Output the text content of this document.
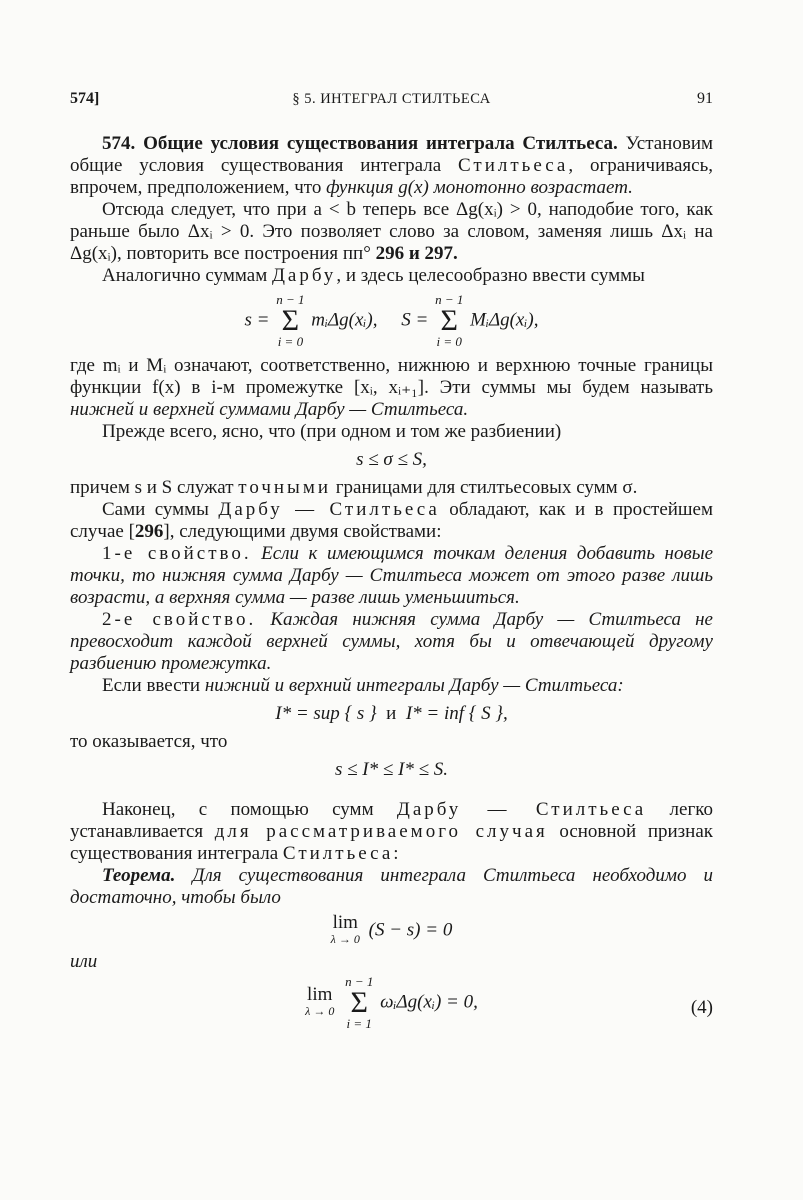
574]	§ 5. ИНТЕГРАЛ СТИЛТЬЕСА	91

574. Общие условия существования интеграла Стилтьеса. Установим общие условия существования интеграла Стилтьеса, ограничиваясь, впрочем, предположением, что функция g(x) монотонно возрастает.

Отсюда следует, что при a < b теперь все Δg(xᵢ) > 0, наподобие того, как раньше было Δxᵢ > 0. Это позволяет слово за словом, заменяя лишь Δxᵢ на Δg(xᵢ), повторить все построения пп° 296 и 297.

Аналогично суммам Дарбу, и здесь целесообразно ввести суммы

s = n − 1
Σ
i = 0 mᵢΔg(xᵢ), S = n − 1
Σ
i = 0 MᵢΔg(xᵢ),

где mᵢ и Mᵢ означают, соответственно, нижнюю и верхнюю точные границы функции f(x) в i-м промежутке [xᵢ, xᵢ₊₁]. Эти суммы мы будем называть нижней и верхней суммами Дарбу — Стилтьеса.

Прежде всего, ясно, что (при одном и том же разбиении)

s ≤ σ ≤ S,

причем s и S служат точными границами для стилтьесовых сумм σ.

Сами суммы Дарбу — Стилтьеса обладают, как и в простейшем случае [296], следующими двумя свойствами:

1-е свойство. Если к имеющимся точкам деления добавить новые точки, то нижняя сумма Дарбу — Стилтьеса может от этого разве лишь возрасти, а верхняя сумма — разве лишь уменьшиться.

2-е свойство. Каждая нижняя сумма Дарбу — Стилтьеса не превосходит каждой верхней суммы, хотя бы и отвечающей другому разбиению промежутка.

Если ввести нижний и верхний интегралы Дарбу — Стилтьеса:

I* = sup { s } и I* = inf { S },

то оказывается, что

s ≤ I* ≤ I* ≤ S.

Наконец, с помощью сумм Дарбу — Стилтьеса легко устанавливается для рассматриваемого случая основной признак существования интеграла Стилтьеса:

Теорема. Для существования интеграла Стилтьеса необходимо и достаточно, чтобы было

lim
λ → 0 (S − s) = 0

или

lim
λ → 0
n − 1
Σ
i = 1 ωᵢΔg(xᵢ) = 0,	(4)
